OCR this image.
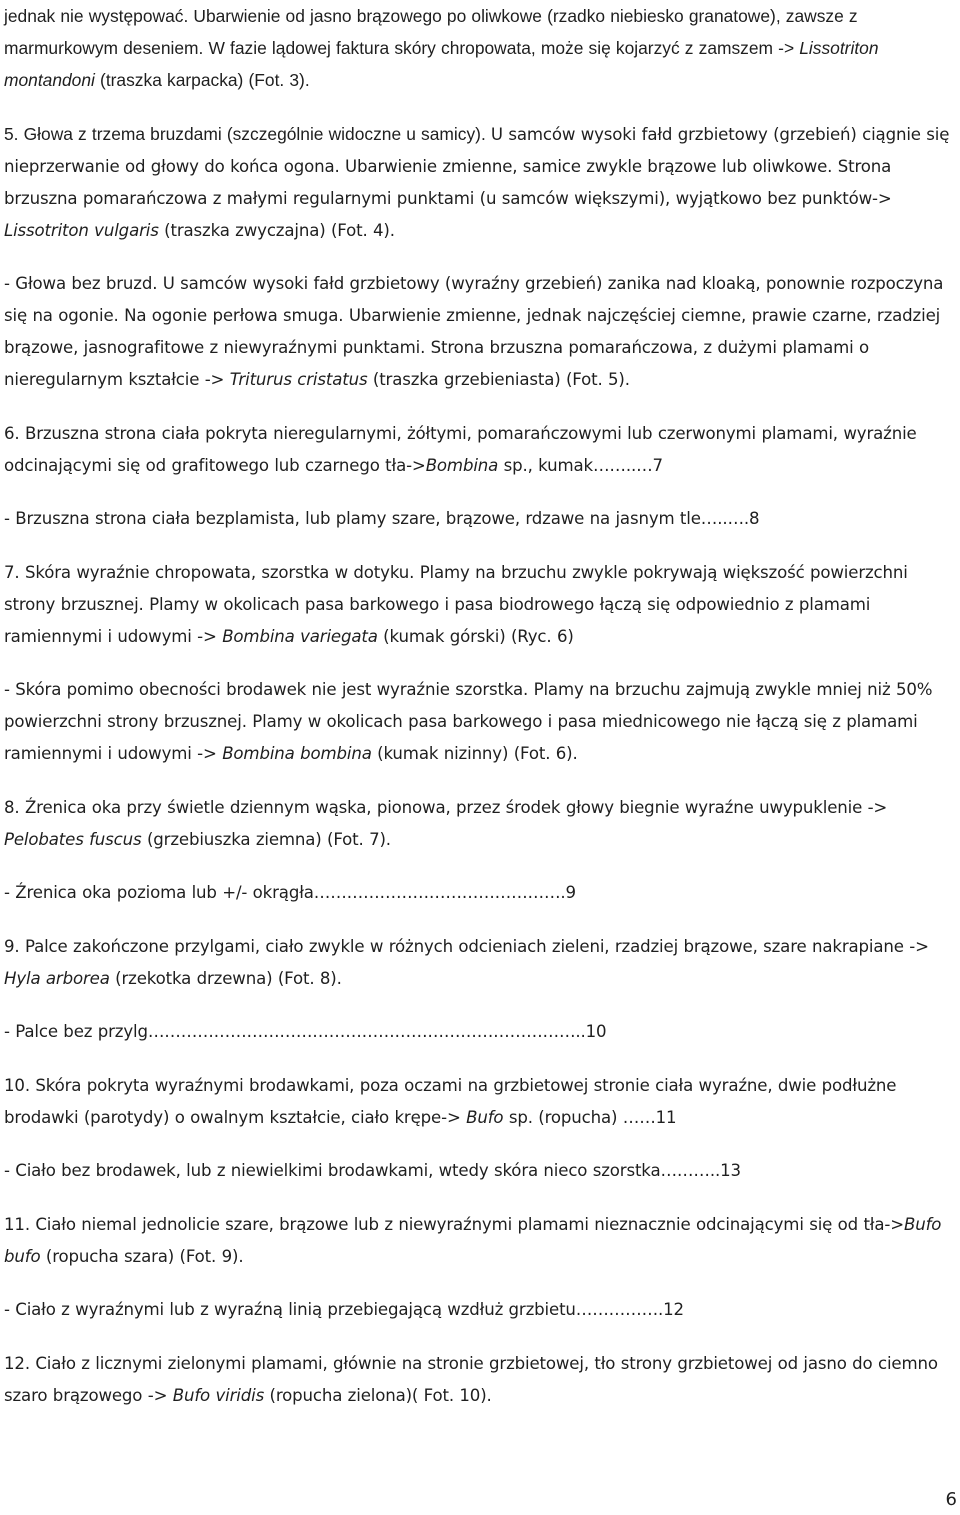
jednak nie występować. Ubarwienie od jasno brązowego po oliwkowe (rzadko niebiesko granatowe), zawsze z marmurkowym deseniem. W fazie lądowej faktura skóry chropowata, może się kojarzyć z zamszem -> Lissotriton montandoni (traszka karpacka) (Fot. 3).

5. Głowa z trzema bruzdami (szczególnie widoczne u samicy). U samców wysoki fałd grzbietowy (grzebień) ciągnie się nieprzerwanie od głowy do końca ogona. Ubarwienie zmienne, samice zwykle brązowe lub oliwkowe. Strona brzuszna pomarańczowa z małymi regularnymi punktami (u samców większymi), wyjątkowo bez punktów-> Lissotriton vulgaris (traszka zwyczajna) (Fot. 4).

- Głowa bez bruzd. U samców wysoki fałd grzbietowy (wyraźny grzebień) zanika nad kloaką, ponownie rozpoczyna się na ogonie. Na ogonie perłowa smuga. Ubarwienie zmienne, jednak najczęściej ciemne, prawie czarne, rzadziej brązowe, jasnografitowe z niewyraźnymi punktami. Strona brzuszna pomarańczowa, z dużymi plamami o nieregularnym kształcie -> Triturus cristatus (traszka grzebieniasta) (Fot. 5).

6. Brzuszna strona ciała pokryta nieregularnymi, żółtymi, pomarańczowymi lub czerwonymi plamami, wyraźnie odcinającymi się od grafitowego lub czarnego tła->Bombina sp., kumak……..…7

- Brzuszna strona ciała bezplamista, lub plamy szare, brązowe, rdzawe na jasnym tle…..….8

7. Skóra wyraźnie chropowata, szorstka w dotyku. Plamy na brzuchu zwykle pokrywają większość powierzchni strony brzusznej. Plamy w okolicach pasa barkowego i pasa biodrowego łączą się odpowiednio z plamami ramiennymi i udowymi -> Bombina variegata (kumak górski) (Ryc. 6)

- Skóra pomimo obecności brodawek nie jest wyraźnie szorstka. Plamy na brzuchu zajmują zwykle mniej niż 50% powierzchni strony brzusznej. Plamy w okolicach pasa barkowego i pasa miednicowego nie łączą się z plamami ramiennymi i udowymi -> Bombina bombina (kumak nizinny) (Fot. 6).

8. Źrenica oka przy świetle dziennym wąska, pionowa, przez środek głowy biegnie wyraźne uwypuklenie -> Pelobates fuscus (grzebiuszka ziemna) (Fot. 7).

- Źrenica oka pozioma lub +/- okrągła……………………………………….9

9. Palce zakończone przylgami, ciało zwykle w różnych odcieniach zieleni, rzadziej brązowe, szare nakrapiane -> Hyla arborea (rzekotka drzewna) (Fot. 8).

- Palce bez przylg……………………………………………………………………..10

10. Skóra pokryta wyraźnymi brodawkami, poza oczami na grzbietowej stronie ciała wyraźne, dwie podłużne brodawki (parotydy) o owalnym kształcie, ciało krępe-> Bufo sp. (ropucha) ……11

- Ciało bez brodawek, lub z niewielkimi brodawkami, wtedy skóra nieco szorstka………..13

11. Ciało niemal jednolicie szare, brązowe lub z niewyraźnymi plamami nieznacznie odcinającymi się od tła->Bufo bufo (ropucha szara) (Fot. 9).

- Ciało z wyraźnymi lub z wyraźną linią przebiegającą wzdłuż grzbietu…………….12

12. Ciało z licznymi zielonymi plamami, głównie na stronie grzbietowej, tło strony grzbietowej od jasno do ciemno szaro brązowego -> Bufo viridis (ropucha zielona)( Fot. 10).

6
